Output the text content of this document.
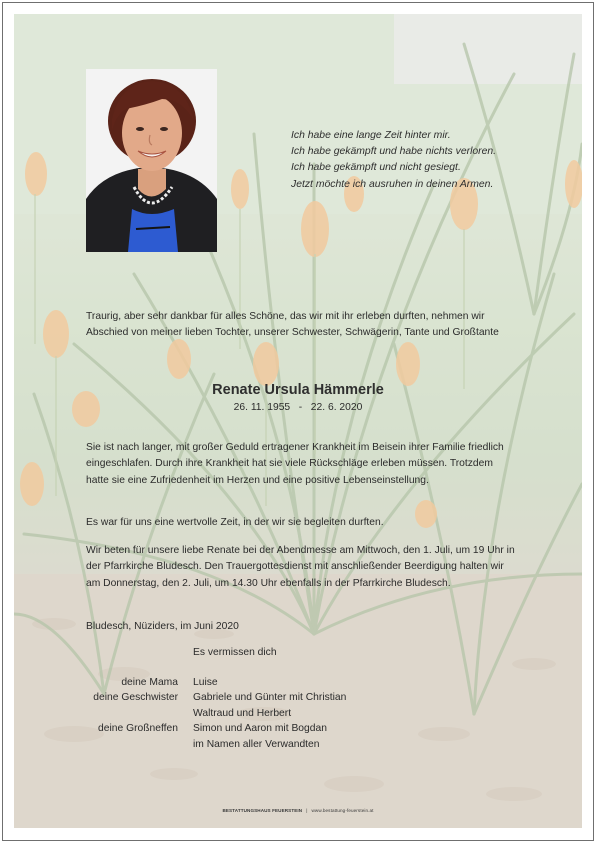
Ich habe eine lange Zeit hinter mir.
Ich habe gekämpft und habe nichts verloren.
Ich habe gekämpft und nicht gesiegt.
Jetzt möchte ich ausruhen in deinen Armen.
Traurig, aber sehr dankbar für alles Schöne, das wir mit ihr erleben durften, nehmen wir Abschied von meiner lieben Tochter, unserer Schwester, Schwägerin, Tante und Großtante
Renate Ursula Hämmerle
26. 11. 1955 - 22. 6. 2020
Sie ist nach langer, mit großer Geduld ertragener Krankheit im Beisein ihrer Familie friedlich eingeschlafen. Durch ihre Krankheit hat sie viele Rückschläge erleben müssen. Trotzdem hatte sie eine Zufriedenheit im Herzen und eine positive Lebenseinstellung.
Es war für uns eine wertvolle Zeit, in der wir sie begleiten durften.
Wir beten für unsere liebe Renate bei der Abendmesse am Mittwoch, den 1. Juli, um 19 Uhr in der Pfarrkirche Bludesch. Den Trauergottesdienst mit anschließender Beerdigung halten wir am Donnerstag, den 2. Juli, um 14.30 Uhr ebenfalls in der Pfarrkirche Bludesch.
Bludesch, Nüziders, im Juni 2020
Es vermissen dich
deine Mama Luise
deine Geschwister Gabriele und Günter mit Christian
Waltraud und Herbert
deine Großneffen Simon und Aaron mit Bogdan
im Namen aller Verwandten
BESTATTUNGSHAUS FEUERSTEIN | www.bestattung-feuerstein.at
